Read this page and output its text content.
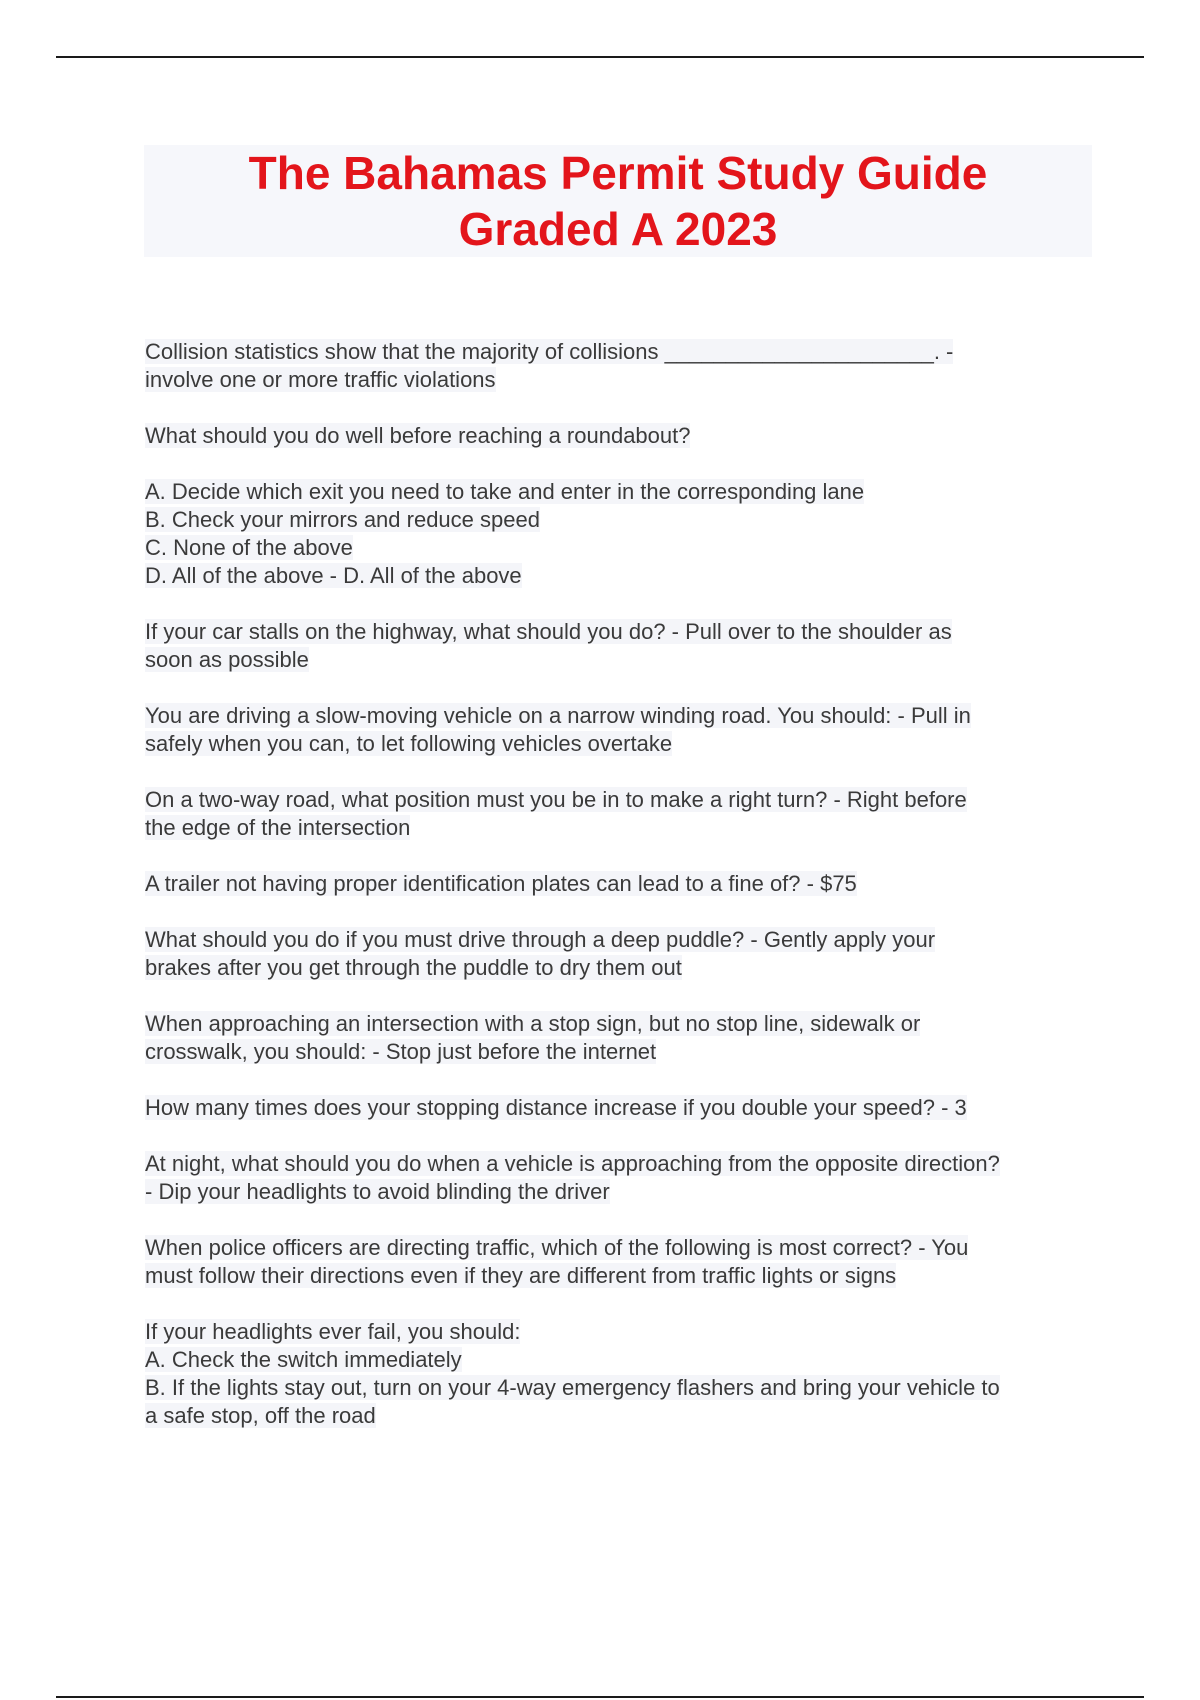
The Bahamas Permit Study Guide
Graded A 2023
Collision statistics show that the majority of collisions ______________________. -
involve one or more traffic violations
What should you do well before reaching a roundabout?
A. Decide which exit you need to take and enter in the corresponding lane
B. Check your mirrors and reduce speed
C. None of the above
D. All of the above - D. All of the above
If your car stalls on the highway, what should you do? - Pull over to the shoulder as
soon as possible
You are driving a slow-moving vehicle on a narrow winding road. You should: - Pull in
safely when you can, to let following vehicles overtake
On a two-way road, what position must you be in to make a right turn? - Right before
the edge of the intersection
A trailer not having proper identification plates can lead to a fine of? - $75
What should you do if you must drive through a deep puddle? - Gently apply your
brakes after you get through the puddle to dry them out
When approaching an intersection with a stop sign, but no stop line, sidewalk or
crosswalk, you should: - Stop just before the internet
How many times does your stopping distance increase if you double your speed? - 3
At night, what should you do when a vehicle is approaching from the opposite direction?
- Dip your headlights to avoid blinding the driver
When police officers are directing traffic, which of the following is most correct? - You
must follow their directions even if they are different from traffic lights or signs
If your headlights ever fail, you should:
A. Check the switch immediately
B. If the lights stay out, turn on your 4-way emergency flashers and bring your vehicle to
a safe stop, off the road
